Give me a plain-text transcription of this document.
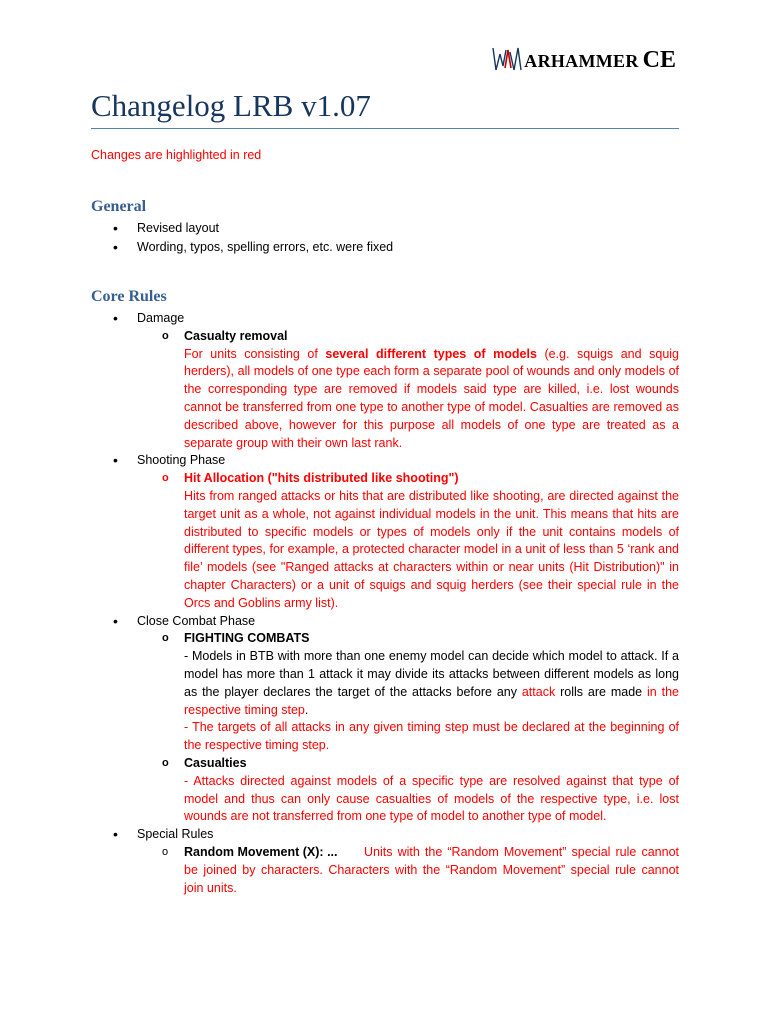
ARHAMMER CE
Changelog LRB v1.07
Changes are highlighted in red
General
• Revised layout
• Wording, typos, spelling errors, etc. were fixed
Core Rules
• Damage
o Casualty removal
For units consisting of several different types of models (e.g. squigs and squig herders), all models of one type each form a separate pool of wounds and only models of the corresponding type are removed if models said type are killed, i.e. lost wounds cannot be transferred from one type to another type of model. Casualties are removed as described above, however for this purpose all models of one type are treated as a separate group with their own last rank.
• Shooting Phase
o Hit Allocation ("hits distributed like shooting")
Hits from ranged attacks or hits that are distributed like shooting, are directed against the target unit as a whole, not against individual models in the unit. This means that hits are distributed to specific models or types of models only if the unit contains models of different types, for example, a protected character model in a unit of less than 5 ‘rank and file’ models (see "Ranged attacks at characters within or near units (Hit Distribution)" in chapter Characters) or a unit of squigs and squig herders (see their special rule in the Orcs and Goblins army list).
• Close Combat Phase
o FIGHTING COMBATS
- Models in BTB with more than one enemy model can decide which model to attack. If a model has more than 1 attack it may divide its attacks between different models as long as the player declares the target of the attacks before any attack rolls are made in the respective timing step.
- The targets of all attacks in any given timing step must be declared at the beginning of the respective timing step.
o Casualties
- Attacks directed against models of a specific type are resolved against that type of model and thus can only cause casualties of models of the respective type, i.e. lost wounds are not transferred from one type of model to another type of model.
• Special Rules
o Random Movement (X): ...	Units with the “Random Movement” special rule cannot be joined by characters. Characters with the “Random Movement” special rule cannot join units.
